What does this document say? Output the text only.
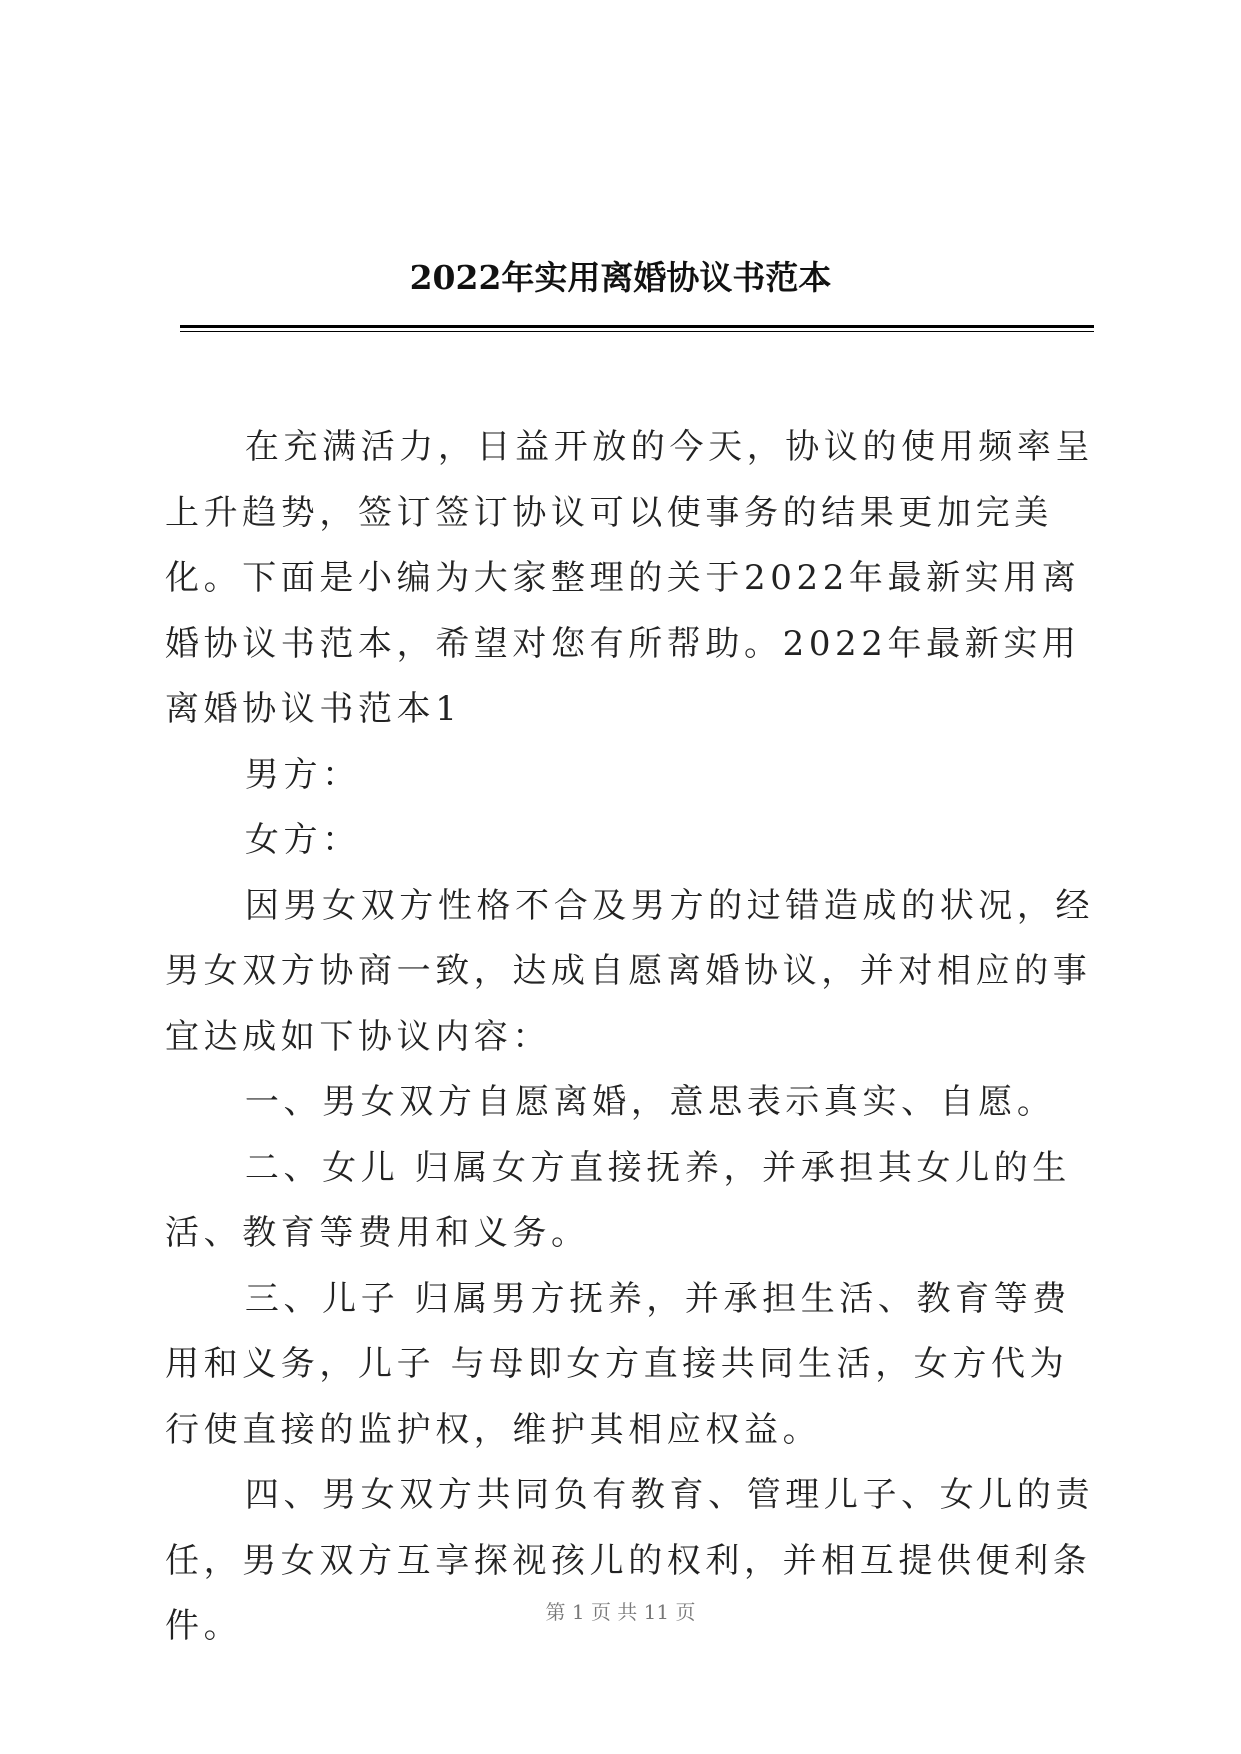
2022年实用离婚协议书范本

在充满活力，日益开放的今天，协议的使用频率呈上升趋势，签订签订协议可以使事务的结果更加完美化。下面是小编为大家整理的关于2022年最新实用离婚协议书范本，希望对您有所帮助。2022年最新实用离婚协议书范本1

男方：

女方：

因男女双方性格不合及男方的过错造成的状况，经男女双方协商一致，达成自愿离婚协议，并对相应的事宜达成如下协议内容：

一、男女双方自愿离婚，意思表示真实、自愿。

二、女儿 归属女方直接抚养，并承担其女儿的生活、教育等费用和义务。

三、儿子 归属男方抚养，并承担生活、教育等费用和义务，儿子 与母即女方直接共同生活，女方代为行使直接的监护权，维护其相应权益。

四、男女双方共同负有教育、管理儿子、女儿的责任，男女双方互享探视孩儿的权利，并相互提供便利条件。	第 1 页 共 11 页
